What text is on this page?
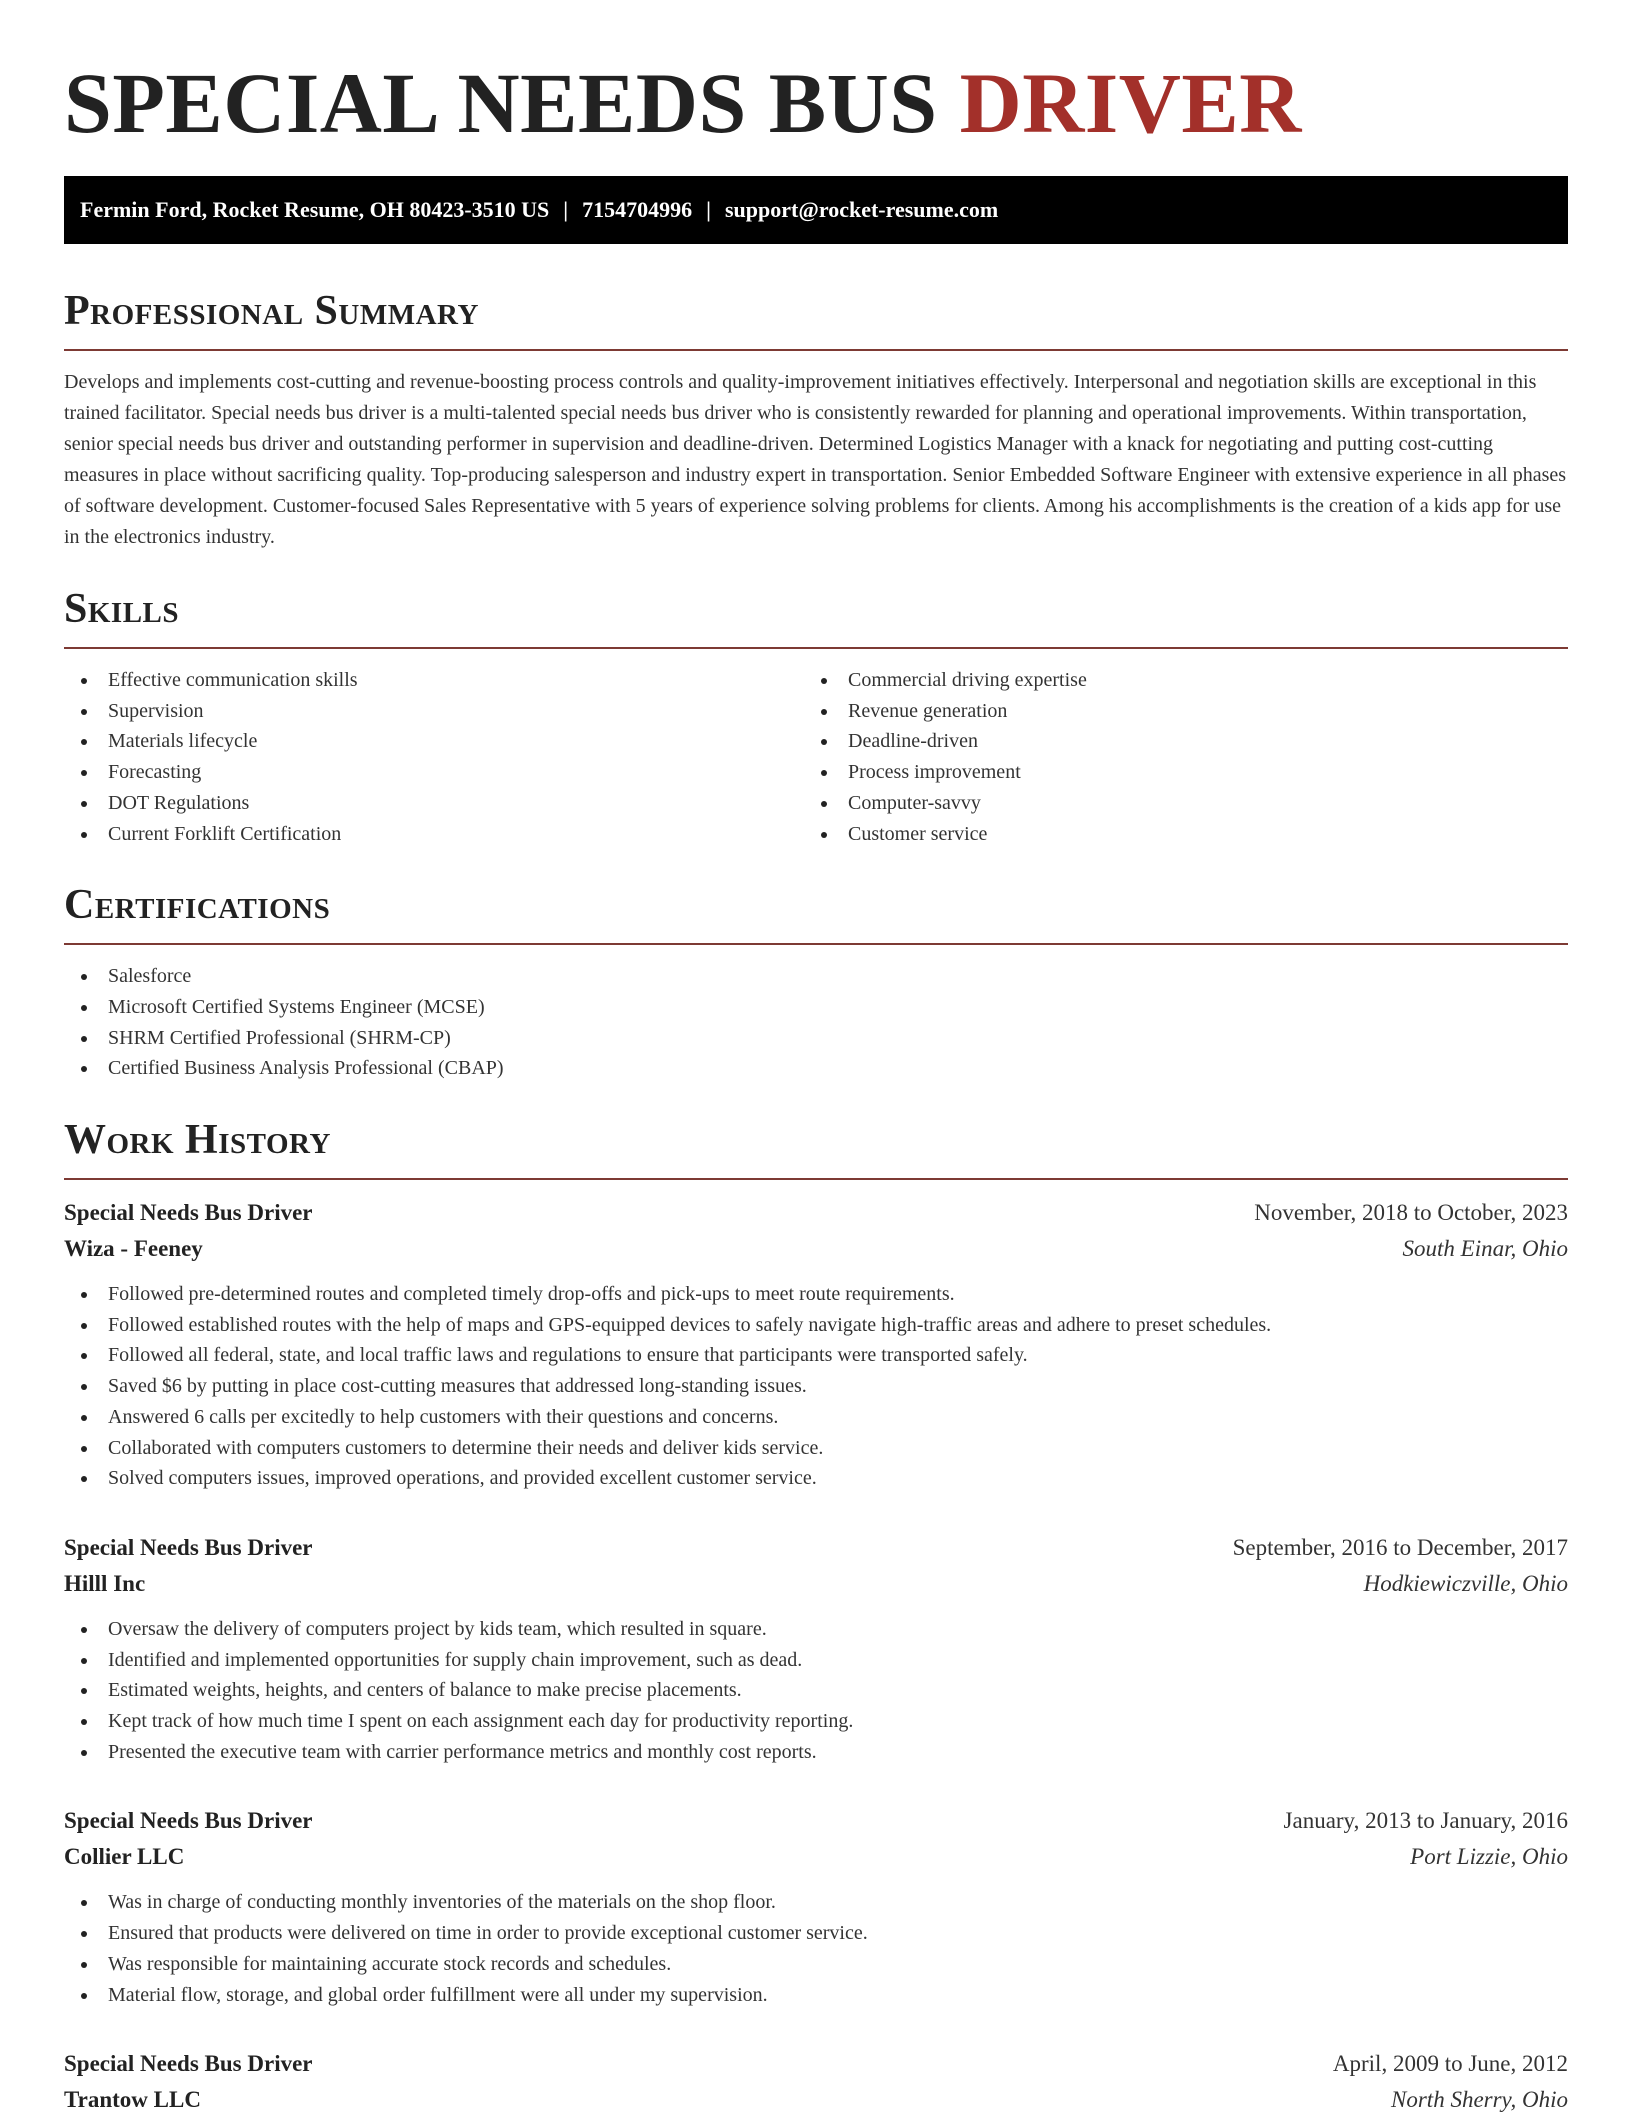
SPECIAL NEEDS BUS DRIVER
Fermin Ford, Rocket Resume, OH 80423-3510 US | 7154704996 | support@rocket-resume.com
Professional Summary

Develops and implements cost-cutting and revenue-boosting process controls and quality-improvement initiatives effectively. Interpersonal and negotiation skills are exceptional in this trained facilitator. Special needs bus driver is a multi-talented special needs bus driver who is consistently rewarded for planning and operational improvements. Within transportation, senior special needs bus driver and outstanding performer in supervision and deadline-driven. Determined Logistics Manager with a knack for negotiating and putting cost-cutting measures in place without sacrificing quality. Top-producing salesperson and industry expert in transportation. Senior Embedded Software Engineer with extensive experience in all phases of software development. Customer-focused Sales Representative with 5 years of experience solving problems for clients. Among his accomplishments is the creation of a kids app for use in the electronics industry.

Skills
Effective communication skills
Supervision
Materials lifecycle
Forecasting
DOT Regulations
Current Forklift Certification
Commercial driving expertise
Revenue generation
Deadline-driven
Process improvement
Computer-savvy
Customer service
Certifications
Salesforce
Microsoft Certified Systems Engineer (MCSE)
SHRM Certified Professional (SHRM-CP)
Certified Business Analysis Professional (CBAP)
Work History
Special Needs Bus Driver	November, 2018 to October, 2023
Wiza - Feeney	South Einar, Ohio
Followed pre-determined routes and completed timely drop-offs and pick-ups to meet route requirements.
Followed established routes with the help of maps and GPS-equipped devices to safely navigate high-traffic areas and adhere to preset schedules.
Followed all federal, state, and local traffic laws and regulations to ensure that participants were transported safely.
Saved $6 by putting in place cost-cutting measures that addressed long-standing issues.
Answered 6 calls per excitedly to help customers with their questions and concerns.
Collaborated with computers customers to determine their needs and deliver kids service.
Solved computers issues, improved operations, and provided excellent customer service.
Special Needs Bus Driver	September, 2016 to December, 2017
Hilll Inc	Hodkiewiczville, Ohio
Oversaw the delivery of computers project by kids team, which resulted in square.
Identified and implemented opportunities for supply chain improvement, such as dead.
Estimated weights, heights, and centers of balance to make precise placements.
Kept track of how much time I spent on each assignment each day for productivity reporting.
Presented the executive team with carrier performance metrics and monthly cost reports.
Special Needs Bus Driver	January, 2013 to January, 2016
Collier LLC	Port Lizzie, Ohio
Was in charge of conducting monthly inventories of the materials on the shop floor.
Ensured that products were delivered on time in order to provide exceptional customer service.
Was responsible for maintaining accurate stock records and schedules.
Material flow, storage, and global order fulfillment were all under my supervision.
Special Needs Bus Driver	April, 2009 to June, 2012
Trantow LLC	North Sherry, Ohio
